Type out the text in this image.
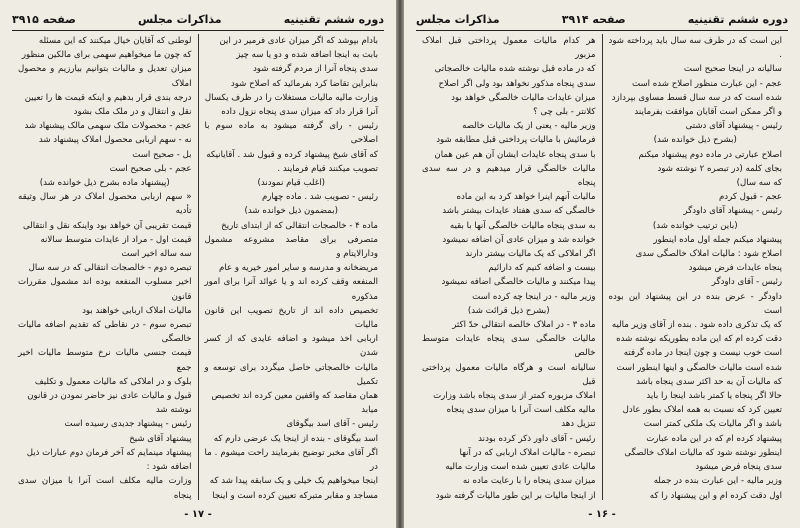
دوره ششم تقنینیه
مذاکرات مجلس
صفحه ۳۹۱۵

بادام بپوشد که اگر میزان عادی فرمیر در این

بابت به اینجا اضافه شده و دو یا سه چیز

سدی پنجاه آنرا از مردم گرفته شود

بنابراین تقاضا کرد بفرمائید که اصلاح شود

وزارت مالیه مالیات مستغلات را در ظرف یکسال

آنرا قرار داد که میزان سدی پنجاه نزول داده

رئیس - رای گرفته میشود به ماده سوم با اصلاحی

که آقای شیخ پیشنهاد کرده و قبول شد . آقایانیکه

تصویب میکنند قیام فرمایند .

(اغلب قیام نمودند)

رئیس - تصویب شد . ماده چهارم

(بمضمون ذیل خوانده شد)

ماده ۴ - خالصجات انتقالی که از ابتدای تاریخ

متصرفی برای مقاصد مشروعه مشمول ودارالایتام و

مریضخانه و مدرسه و سایر امور خیریه و عام

المنفعه وقف کرده اند و یا عوائد آنرا برای امور مذکوره

تخصیص داده اند از تاریخ تصویب این قانون مالیات

اربابی اخذ میشود و اضافه عایدی که از کسر شدن

مالیات خالصجاتی حاصل میگردد برای توسعه و تکمیل

همان مقاصد که واقفین معین کرده اند تخصیص

میابد

رئیس - آقای اسد بیگوقای

اسد بیگوقای - بنده از اینجا یک عرضی دارم که

اگر آقای مخبر توضیح بفرمایند راحت میشوم . ما در

اینجا میخواهیم یک خیلی و یک سابقه پیدا شد که

مساجد و مقابر متبرکه تعیین کرده است و اینجا

لوطنی که آقایان خیال میکنند که این مسئله

که چون ما میخواهیم سهمی برای مالکین منظور

میزان تعدیل و مالیات بتوانیم بیارزیم و محصول املاک

درجه بندی قرار بدهیم و اینکه قیمت ها را تعیین

نقل و انتقال و در ملک ملک بشود

عجم - محصولات ملک سهمی مالک پیشنهاد شد

نه - سهم اربابی محصول املاک پیشنهاد شد

بل - صحیح است

عجم - بلی صحیح است

(پیشنهاد ماده بشرح ذیل خوانده شد)

« سهم اربابی محصول املاک در هر سال وثیقه تأدیه

قیمت تقریبی آن خواهد بود واینکه نقل و انتقالی

قیمت اول - مراد از عایدات متوسط سالانه

سه ساله اخیر است

تبصره دوم - خالصجات انتقالی که در سه سال

اخیر مسلوب المنفعه بوده اند مشمول مقررات قانون

مالیات املاک اربابی خواهند بود

تبصره سوم - در نقاطی که تقدیم اضافه مالیات خالصگی

قیمت جنسی مالیات نرخ متوسط مالیات اخیر جمع

بلوک و در املاکی که مالیات معمول و تکلیف

قبول و مالیات عادی نیز حاضر نمودن در قانون

نوشته شد

رئیس - پیشنهاد جدیدی رسیده است

پیشنهاد آقای شیخ

پیشنهاد مینمایم که آخر فرمان دوم عبارات ذیل

اضافه شود :

وزارت مالیه مکلف است آنرا با میزان سدی پنجاه

- ۱۷ -
دوره ششم تقنینیه
صفحه ۳۹۱۴
مذاکرات مجلس

این است که در ظرف سه سال باید پرداخته شود .

سالیانه در اینجا صحیح است

عجم - این عبارت منظور اصلاح شده است

شده است که در سه سال قسط مساوی بپردازد

و اگر ممکن است آقایان موافقت بفرمایند

رئیس - پیشنهاد آقای دشتی

(بشرح ذیل خوانده شد)

اصلاح عبارتی در ماده دوم پیشنهاد میکنم

بجای کلمه (در تبصره ۲ نوشته شود

که سه سال)

عجم - قبول کردم

رئیس - پیشنهاد آقای داودگر

(باین ترتیب خوانده شد)

پیشنهاد میکنم جمله اول ماده اینطور

اصلاح شود : مالیات املاک خالصگی سدی

پنجاه عایدات فرض میشود

رئیس - آقای داودگر

داودگر - عرض بنده در این پیشنهاد این بوده است

که یک تذکری داده شود . بنده از آقای وزیر مالیه

دقت کرده ام که این ماده بطوریکه نوشته شده

است خوب نیست و چون اینجا در ماده گرفته

شده است مالیات خالصگی و اینها اینطور است

که مالیات آن به حد اکثر سدی پنجاه باشد

حالا اگر پنجاه یا کمتر باشد اینجا را باید

تعیین کرد که نسبت به همه املاک بطور عادل

باشد و اگر مالیات یک ملکی کمتر است

پیشنهاد کرده ام که در این ماده عبارت

اینطور نوشته شود که مالیات املاک خالصگی

سدی پنجاه فرض میشود

وزیر مالیه - این عبارت بنده در جمله

اول دقت کرده ام و این پیشنهاد را که

هر کدام مالیات معمول پرداختی قبل املاک مزبور

که در ماده قبل نوشته شده مالیات خالصجاتی

سدی پنجاه مذکور نخواهد بود ولی اگر اصلاح

میزان عایدات مالیات خالصگی خواهد بود

کلانتر - بلی چی ؟

وزیر مالیه - یعنی از یک مالیات خالصه

فرمائیش با مالیات پرداختی قبل مطابقه شود

با سدی پنجاه عایدات ایشان آن هم عین همان

مالیات خالصگی قرار میدهیم و در سه سدی پنجاه

مالیات آنهم اینرا خواهد کرد به این ماده

خالصگی که سدی هفتاد عایدات بیشتر باشد

به سدی پنجاه مالیات خالصگی آنها با بقیه

خوانده شد و میزان عادی آن اضافه نمیشود

اگر املاکی که یک مالیات بیشتر دارند

بیست و اضافه کنیم که دارائیم

پیدا میکنند و مالیات خالصگی اضافه نمیشود

وزیر مالیه - در اینجا چه کرده است

(بشرح ذیل قرائت شد)

ماده ۳ - در املاک خالصه انتقالی حدّ اکثر

مالیات خالصگی سدی پنجاه عایدات متوسط خالص

سالیانه است و هرگاه مالیات معمول پرداختی قبل

املاک مزبوره کمتر از سدی پنجاه باشد وزارت

مالیه مکلف است آنرا با میزان سدی پنجاه

تنزیل دهد

رئیس - آقای داور ذکر کرده بودند

تبصره - مالیات املاک اربابی که در آنها

مالیات عادی تعیین شده است وزارت مالیه

میزان سدی پنجاه را با رعایت ماده نه

از اینجا مالیات بر این طور مالیات گرفته شود

- ۱۶ -
